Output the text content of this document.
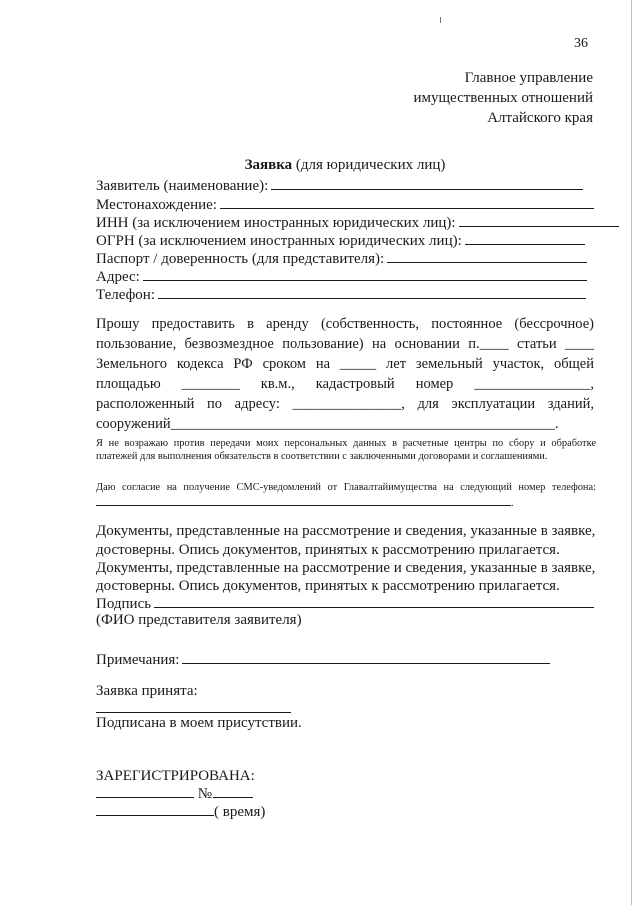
36
Главное управление
имущественных отношений
Алтайского края
Заявка (для юридических лиц)
Заявитель (наименование):
Местонахождение:
ИНН (за исключением иностранных юридических лиц):
ОГРН (за исключением иностранных юридических лиц):
Паспорт / доверенность (для представителя):
Адрес:
Телефон:
Прошу предоставить в аренду (собственность, постоянное (бессрочное) пользование, безвозмездное пользование) на основании п.____ статьи ____ Земельного кодекса РФ сроком на _____ лет земельный участок, общей площадью ________ кв.м., кадастровый номер ________________, расположенный по адресу: _______________, для эксплуатации зданий, сооружений_____________________________________________________.
Я не возражаю против передачи моих персональных данных в расчетные центры по сбору и обработке платежей для выполнения обязательств в соответствии с заключенными договорами и соглашениями.
Даю согласие на получение СМС-уведомлений от Главалтайимущества на следующий номер телефона:.
Документы, представленные на рассмотрение и сведения, указанные в заявке,
достоверны. Опись документов, принятых к рассмотрению прилагается.
Документы, представленные на рассмотрение и сведения, указанные в заявке,
достоверны. Опись документов, принятых к рассмотрению прилагается.
Подпись
(ФИО представителя заявителя)
Примечания:
Заявка принята:
Подписана в моем присутствии.
ЗАРЕГИСТРИРОВАНА:
№
( время)
